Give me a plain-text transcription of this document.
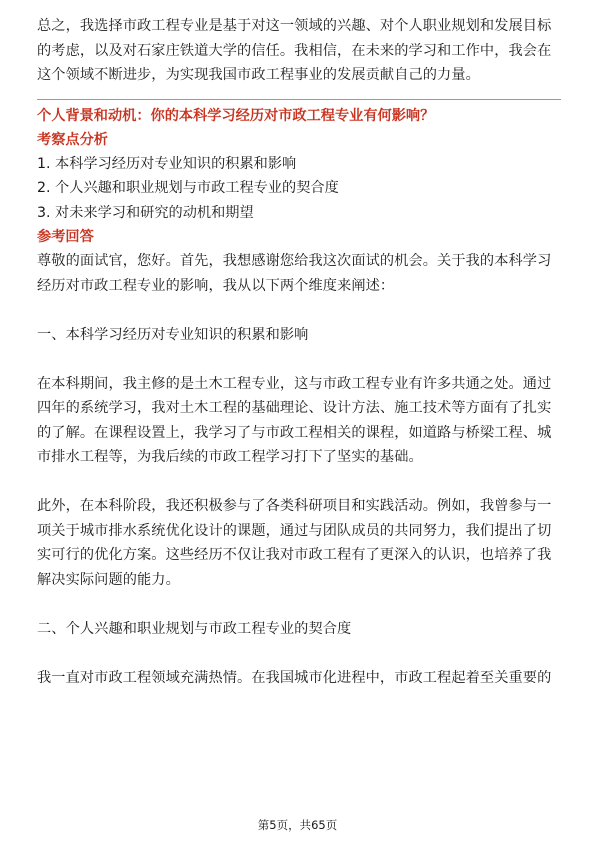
总之，我选择市政工程专业是基于对这一领域的兴趣、对个人职业规划和发展目标

的考虑，以及对石家庄铁道大学的信任。我相信，在未来的学习和工作中，我会在

这个领域不断进步，为实现我国市政工程事业的发展贡献自己的力量。

个人背景和动机：你的本科学习经历对市政工程专业有何影响？

考察点分析

1. 本科学习经历对专业知识的积累和影响

2. 个人兴趣和职业规划与市政工程专业的契合度

3. 对未来学习和研究的动机和期望

参考回答

尊敬的面试官，您好。首先，我想感谢您给我这次面试的机会。关于我的本科学习

经历对市政工程专业的影响，我从以下两个维度来阐述：

一、本科学习经历对专业知识的积累和影响

在本科期间，我主修的是土木工程专业，这与市政工程专业有许多共通之处。通过

四年的系统学习，我对土木工程的基础理论、设计方法、施工技术等方面有了扎实

的了解。在课程设置上，我学习了与市政工程相关的课程，如道路与桥梁工程、城

市排水工程等，为我后续的市政工程学习打下了坚实的基础。

此外，在本科阶段，我还积极参与了各类科研项目和实践活动。例如，我曾参与一

项关于城市排水系统优化设计的课题，通过与团队成员的共同努力，我们提出了切

实可行的优化方案。这些经历不仅让我对市政工程有了更深入的认识，也培养了我

解决实际问题的能力。

二、个人兴趣和职业规划与市政工程专业的契合度

我一直对市政工程领域充满热情。在我国城市化进程中，市政工程起着至关重要的

第5页，共65页
